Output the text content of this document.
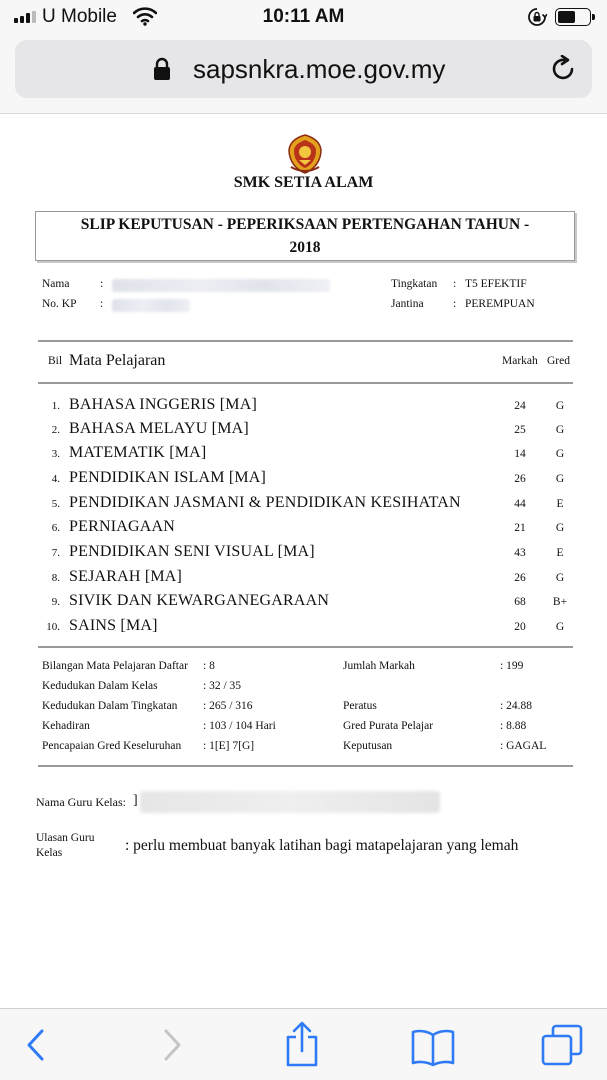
U Mobile	10:11 AM
sapsnkra.moe.gov.my
SMK SETIA ALAM
SLIP KEPUTUSAN - PEPERIKSAAN PERTENGAHAN TAHUN -
2018
Nama	:
No. KP :
Tingkatan : T5 EFEKTIF
Jantina	: PEREMPUAN
Bil Mata Pelajaran	Markah Gred
1. BAHASA INGGERIS [MA]	24	G
2. BAHASA MELAYU [MA]	25	G
3. MATEMATIK [MA]	14	G
4. PENDIDIKAN ISLAM [MA]	26	G
5. PENDIDIKAN JASMANI & PENDIDIKAN KESIHATAN	44	E
6. PERNIAGAAN	21	G
7. PENDIDIKAN SENI VISUAL [MA]	43	E
8. SEJARAH [MA]	26	G
9. SIVIK DAN KEWARGANEGARAAN	68	B+
10. SAINS [MA]	20	G
Bilangan Mata Pelajaran Daftar : 8	Jumlah Markah	: 199
Kedudukan Dalam Kelas	: 32 / 35
Kedudukan Dalam Tingkatan : 265 / 316	Peratus	: 24.88
Kehadiran	: 103 / 104 Hari	Gred Purata Pelajar	: 8.88
Pencapaian Gred Keseluruhan : 1[E] 7[G]	Keputusan	: GAGAL
Nama Guru Kelas: ]
Ulasan Guru
Kelas	: perlu membuat banyak latihan bagi matapelajaran yang lemah
